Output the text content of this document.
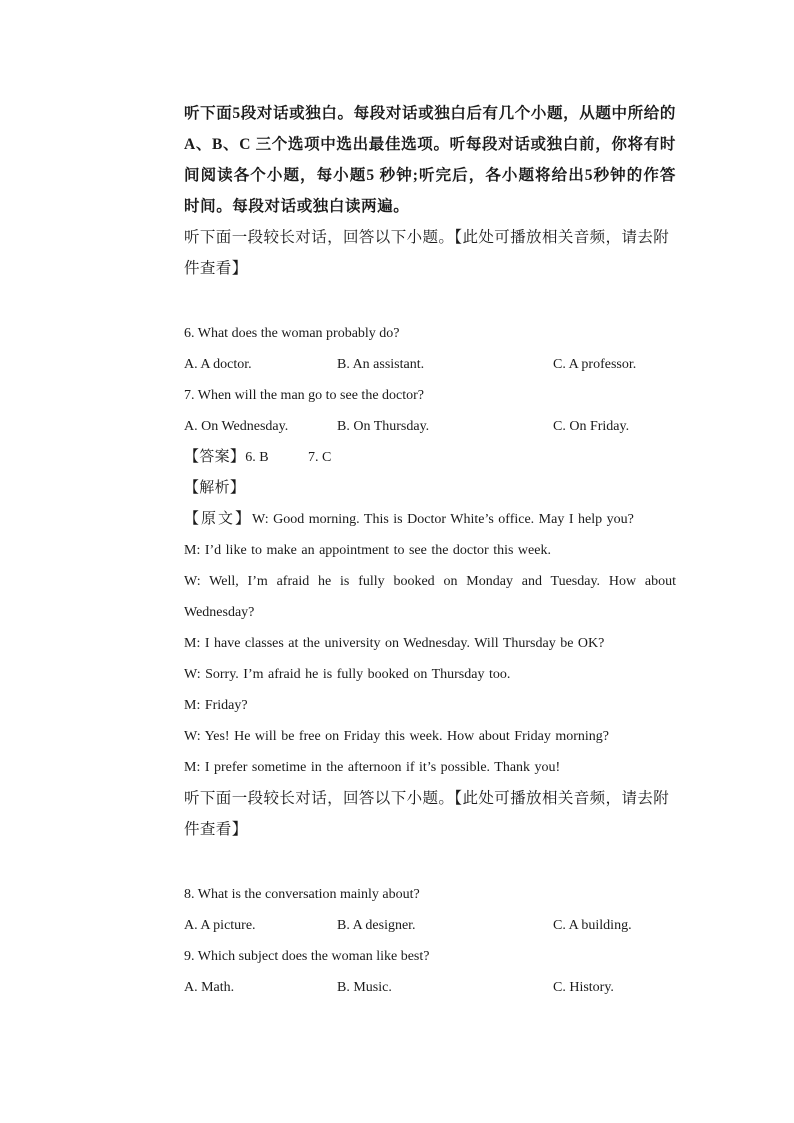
听下面5段对话或独白。每段对话或独白后有几个小题，从题中所给的 A、B、C 三个选项中选出最佳选项。听每段对话或独白前，你将有时间阅读各个小题，每小题5 秒钟;听完后，各小题将给出5秒钟的作答时间。每段对话或独白读两遍。
听下面一段较长对话，回答以下小题。【此处可播放相关音频，请去附件查看】
6. What does the woman probably do?
A. A doctor.	B. An assistant.	C. A professor.
7. When will the man go to see the doctor?
A. On Wednesday.	B. On Thursday.	C. On Friday.
【答案】6. B	7. C
【解析】
【原文】W: Good morning. This is Doctor White’s office. May I help you?
M: I’d like to make an appointment to see the doctor this week.
W: Well, I’m afraid he is fully booked on Monday and Tuesday. How about Wednesday?
M: I have classes at the university on Wednesday. Will Thursday be OK?
W: Sorry. I’m afraid he is fully booked on Thursday too.
M: Friday?
W: Yes! He will be free on Friday this week. How about Friday morning?
M: I prefer sometime in the afternoon if it’s possible. Thank you!
听下面一段较长对话，回答以下小题。【此处可播放相关音频，请去附件查看】
8. What is the conversation mainly about?
A. A picture.	B. A designer.	C. A building.
9. Which subject does the woman like best?
A. Math.	B. Music.	C. History.
